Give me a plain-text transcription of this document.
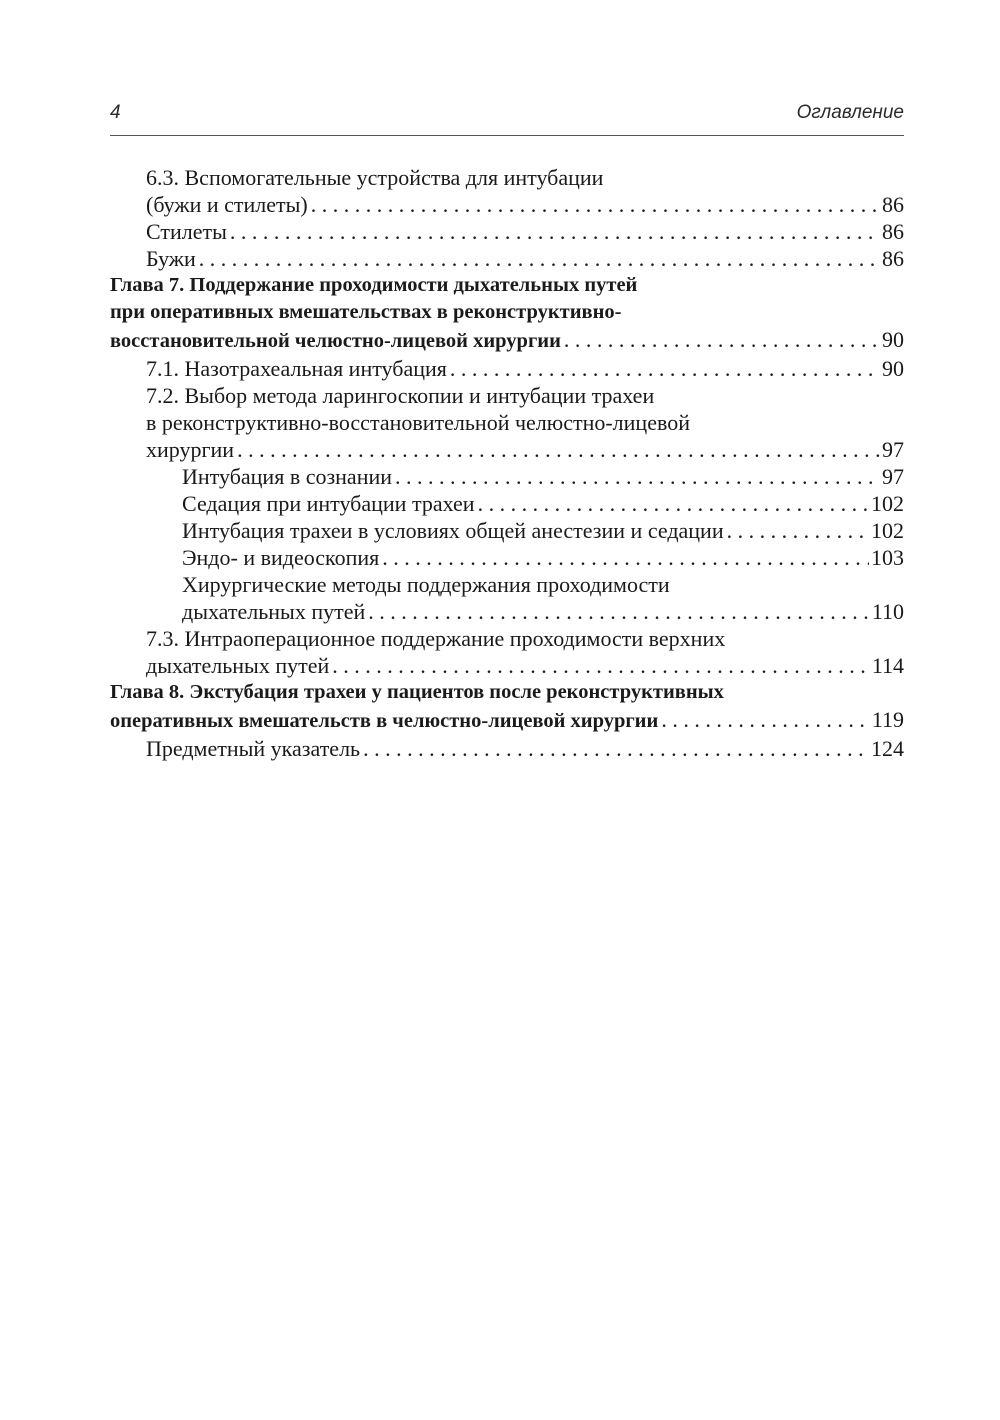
4	Оглавление
6.3. Вспомогательные устройства для интубации
(бужи и стилеты) . . .	86
Стилеты . . .	86
Бужи . . .	86
Глава 7. Поддержание проходимости дыхательных путей
при оперативных вмешательствах в реконструктивно-
восстановительной челюстно-лицевой хирургии . . .	90
7.1. Назотрахеальная интубация . . .	90
7.2. Выбор метода ларингоскопии и интубации трахеи
в реконструктивно-восстановительной челюстно-лицевой
хирургии . . .	97
Интубация в сознании . . .	97
Седация при интубации трахеи . . .	102
Интубация трахеи в условиях общей анестезии и седации . . .	102
Эндо- и видеоскопия . . .	103
Хирургические методы поддержания проходимости
дыхательных путей . . .	110
7.3. Интраоперационное поддержание проходимости верхних
дыхательных путей . . .	114
Глава 8. Экстубация трахеи у пациентов после реконструктивных
оперативных вмешательств в челюстно-лицевой хирургии . . .	119
Предметный указатель . . .	124
